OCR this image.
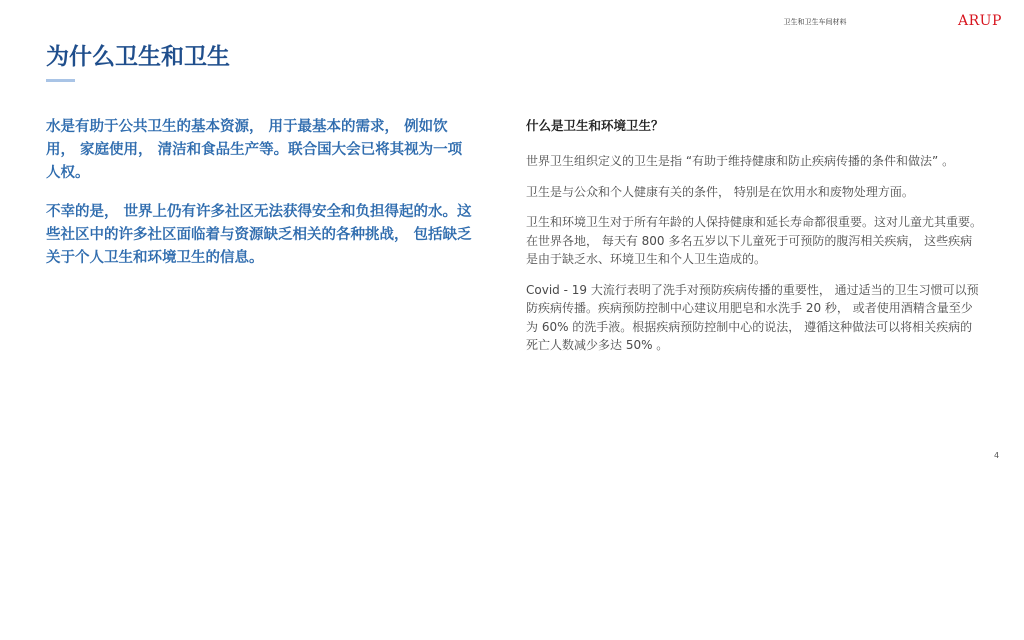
卫生和卫生车间材料	ARUP
为什么卫生和卫生

水是有助于公共卫生的基本资源， 用于最基本的需求， 例如饮用， 家庭使用， 清洁和食品生产等。联合国大会已将其视为一项人权。

不幸的是， 世界上仍有许多社区无法获得安全和负担得起的水。这些社区中的许多社区面临着与资源缺乏相关的各种挑战， 包括缺乏关于个人卫生和环境卫生的信息。

什么是卫生和环境卫生？

世界卫生组织定义的卫生是指 “有助于维持健康和防止疾病传播的条件和做法” 。

卫生是与公众和个人健康有关的条件， 特别是在饮用水和废物处理方面。

卫生和环境卫生对于所有年龄的人保持健康和延长寿命都很重要。这对儿童尤其重要。在世界各地， 每天有 800 多名五岁以下儿童死于可预防的腹泻相关疾病， 这些疾病是由于缺乏水、环境卫生和个人卫生造成的。

Covid - 19 大流行表明了洗手对预防疾病传播的重要性， 通过适当的卫生习惯可以预防疾病传播。疾病预防控制中心建议用肥皂和水洗手 20 秒， 或者使用酒精含量至少为 60% 的洗手液。根据疾病预防控制中心的说法， 遵循这种做法可以将相关疾病的死亡人数减少多达 50% 。

4
